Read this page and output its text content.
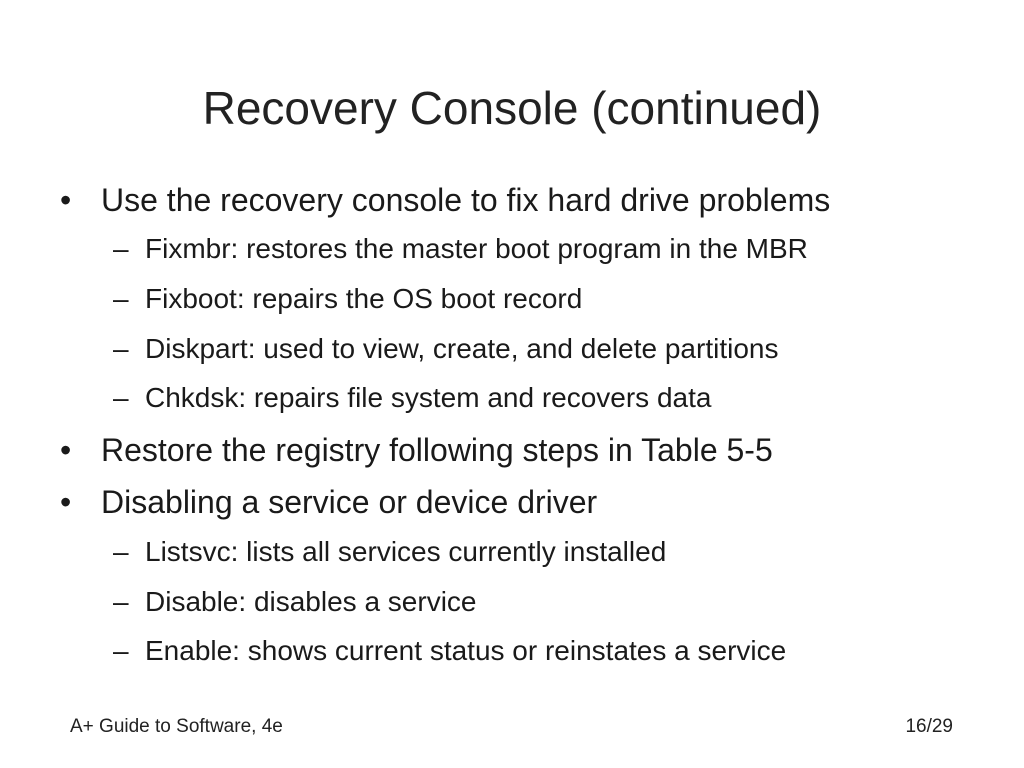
Recovery Console (continued)
• Use the recovery console to fix hard drive problems
– Fixmbr: restores the master boot program in the MBR
– Fixboot: repairs the OS boot record
– Diskpart: used to view, create, and delete partitions
– Chkdsk: repairs file system and recovers data
• Restore the registry following steps in Table 5-5
• Disabling a service or device driver
– Listsvc: lists all services currently installed
– Disable: disables a service
– Enable: shows current status or reinstates a service
A+ Guide to Software, 4e	16/29
